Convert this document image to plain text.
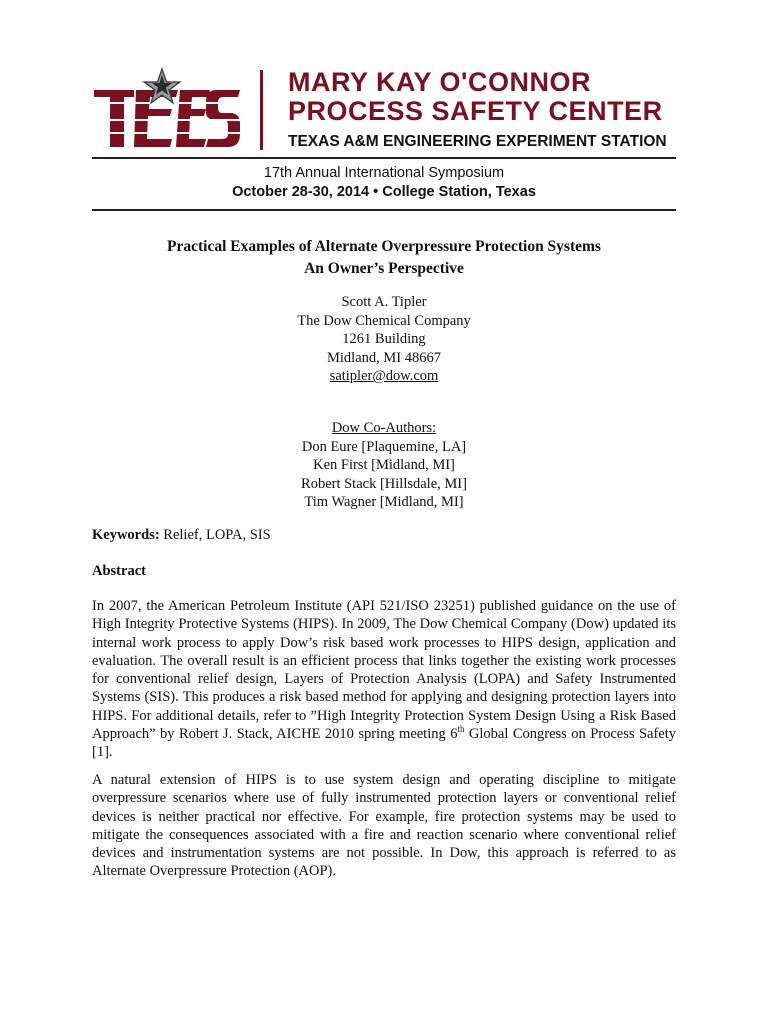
MARY KAY O'CONNOR
PROCESS SAFETY CENTER
TEXAS A&M ENGINEERING EXPERIMENT STATION
17th Annual International Symposium
October 28-30, 2014 • College Station, Texas
Practical Examples of Alternate Overpressure Protection Systems
An Owner’s Perspective
Scott A. Tipler
The Dow Chemical Company
1261 Building
Midland, MI 48667
satipler@dow.com
Dow Co-Authors:
Don Eure [Plaquemine, LA]
Ken First [Midland, MI]
Robert Stack [Hillsdale, MI]
Tim Wagner [Midland, MI]
Keywords: Relief, LOPA, SIS
Abstract
In 2007, the American Petroleum Institute (API 521/ISO 23251) published guidance on the use of High Integrity Protective Systems (HIPS). In 2009, The Dow Chemical Company (Dow) updated its internal work process to apply Dow’s risk based work processes to HIPS design, application and evaluation. The overall result is an efficient process that links together the existing work processes for conventional relief design, Layers of Protection Analysis (LOPA) and Safety Instrumented Systems (SIS). This produces a risk based method for applying and designing protection layers into HIPS. For additional details, refer to ”High Integrity Protection System Design Using a Risk Based Approach” by Robert J. Stack, AICHE 2010 spring meeting 6th Global Congress on Process Safety [1].
A natural extension of HIPS is to use system design and operating discipline to mitigate overpressure scenarios where use of fully instrumented protection layers or conventional relief devices is neither practical nor effective. For example, fire protection systems may be used to mitigate the consequences associated with a fire and reaction scenario where conventional relief devices and instrumentation systems are not possible. In Dow, this approach is referred to as Alternate Overpressure Protection (AOP).
